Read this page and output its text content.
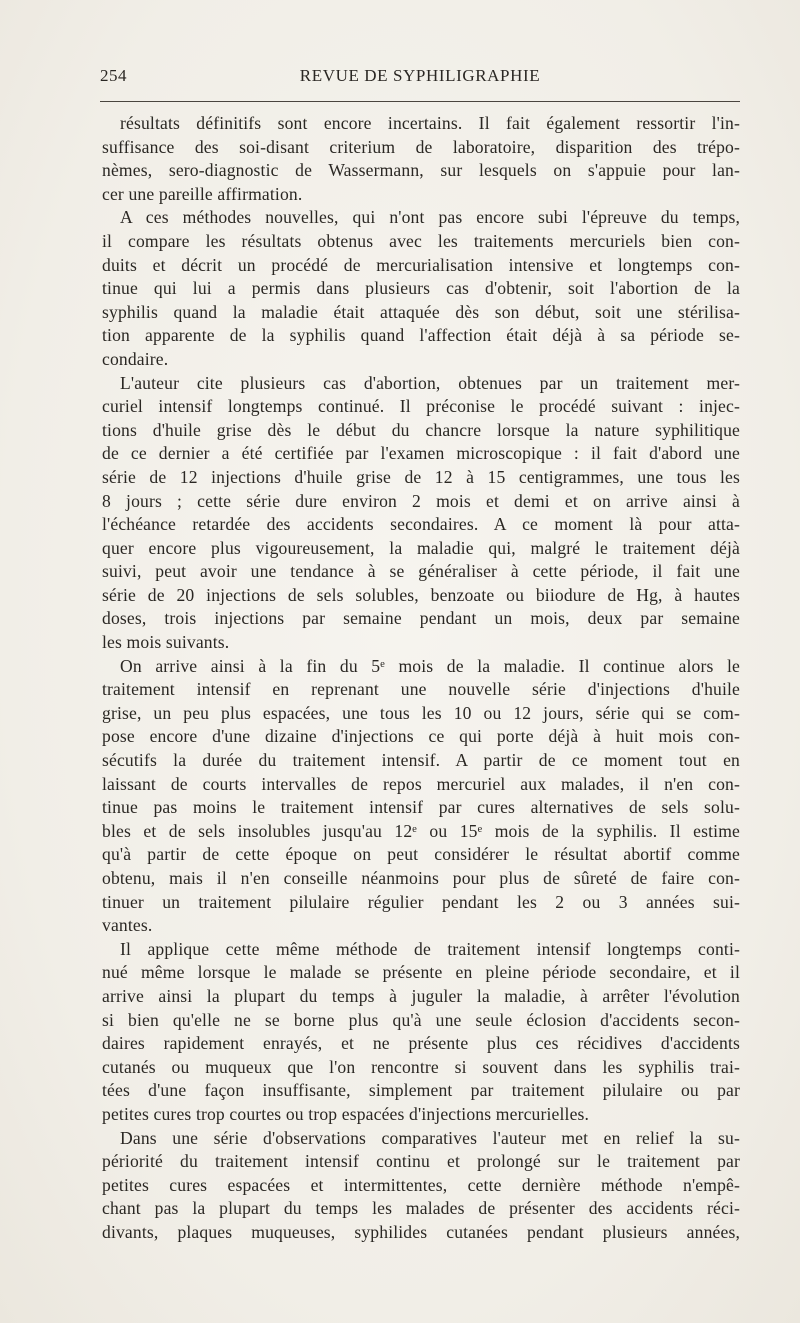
254	REVUE DE SYPHILIGRAPHIE
résultats définitifs sont encore incertains. Il fait également ressortir l'in-
suffisance des soi-disant criterium de laboratoire, disparition des trépo-
nèmes, sero-diagnostic de Wassermann, sur lesquels on s'appuie pour lan-
cer une pareille affirmation.
A ces méthodes nouvelles, qui n'ont pas encore subi l'épreuve du temps,
il compare les résultats obtenus avec les traitements mercuriels bien con-
duits et décrit un procédé de mercurialisation intensive et longtemps con-
tinue qui lui a permis dans plusieurs cas d'obtenir, soit l'abortion de la
syphilis quand la maladie était attaquée dès son début, soit une stérilisa-
tion apparente de la syphilis quand l'affection était déjà à sa période se-
condaire.
L'auteur cite plusieurs cas d'abortion, obtenues par un traitement mer-
curiel intensif longtemps continué. Il préconise le procédé suivant : injec-
tions d'huile grise dès le début du chancre lorsque la nature syphilitique
de ce dernier a été certifiée par l'examen microscopique : il fait d'abord une
série de 12 injections d'huile grise de 12 à 15 centigrammes, une tous les
8 jours ; cette série dure environ 2 mois et demi et on arrive ainsi à
l'échéance retardée des accidents secondaires. A ce moment là pour atta-
quer encore plus vigoureusement, la maladie qui, malgré le traitement déjà
suivi, peut avoir une tendance à se généraliser à cette période, il fait une
série de 20 injections de sels solubles, benzoate ou biiodure de Hg, à hautes
doses, trois injections par semaine pendant un mois, deux par semaine
les mois suivants.
On arrive ainsi à la fin du 5ᵉ mois de la maladie. Il continue alors le
traitement intensif en reprenant une nouvelle série d'injections d'huile
grise, un peu plus espacées, une tous les 10 ou 12 jours, série qui se com-
pose encore d'une dizaine d'injections ce qui porte déjà à huit mois con-
sécutifs la durée du traitement intensif. A partir de ce moment tout en
laissant de courts intervalles de repos mercuriel aux malades, il n'en con-
tinue pas moins le traitement intensif par cures alternatives de sels solu-
bles et de sels insolubles jusqu'au 12ᵉ ou 15ᵉ mois de la syphilis. Il estime
qu'à partir de cette époque on peut considérer le résultat abortif comme
obtenu, mais il n'en conseille néanmoins pour plus de sûreté de faire con-
tinuer un traitement pilulaire régulier pendant les 2 ou 3 années sui-
vantes.
Il applique cette même méthode de traitement intensif longtemps conti-
nué même lorsque le malade se présente en pleine période secondaire, et il
arrive ainsi la plupart du temps à juguler la maladie, à arrêter l'évolution
si bien qu'elle ne se borne plus qu'à une seule éclosion d'accidents secon-
daires rapidement enrayés, et ne présente plus ces récidives d'accidents
cutanés ou muqueux que l'on rencontre si souvent dans les syphilis trai-
tées d'une façon insuffisante, simplement par traitement pilulaire ou par
petites cures trop courtes ou trop espacées d'injections mercurielles.
Dans une série d'observations comparatives l'auteur met en relief la su-
périorité du traitement intensif continu et prolongé sur le traitement par
petites cures espacées et intermittentes, cette dernière méthode n'empê-
chant pas la plupart du temps les malades de présenter des accidents réci-
divants, plaques muqueuses, syphilides cutanées pendant plusieurs années,
